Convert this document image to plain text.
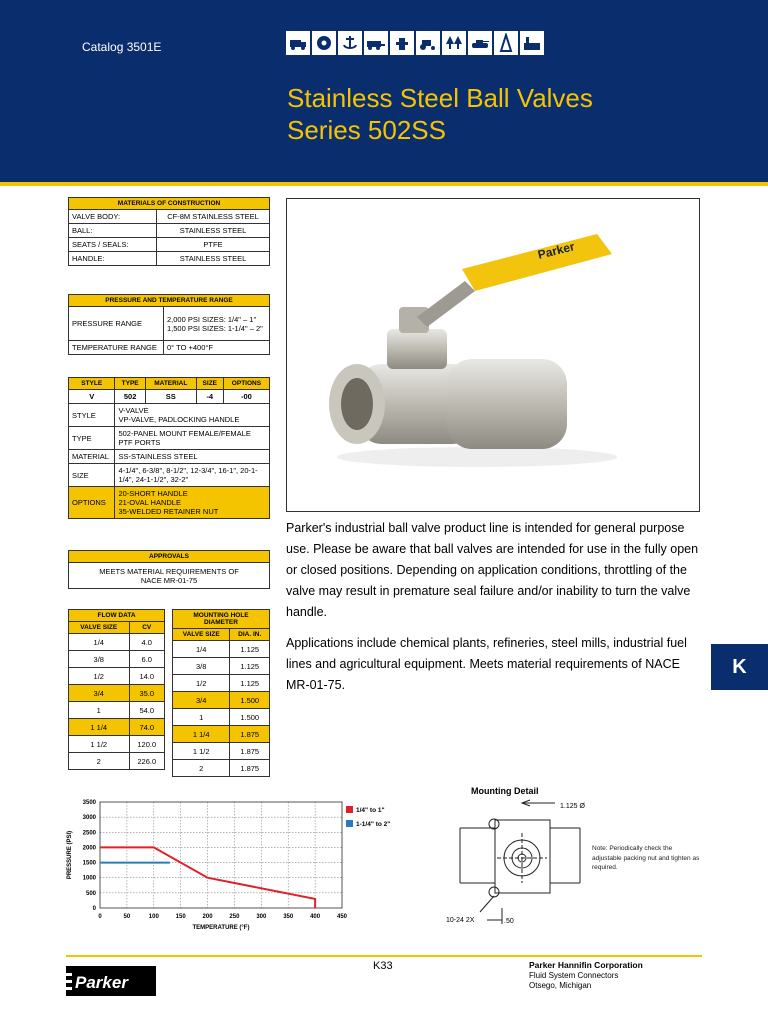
Catalog 3501E
Stainless Steel Ball Valves
Series 502SS
MATERIALS OF CONSTRUCTION	
VALVE BODY:	CF-8M STAINLESS STEEL
BALL:	STAINLESS STEEL
SEATS / SEALS:	PTFE
HANDLE:	STAINLESS STEEL
PRESSURE AND TEMPERATURE RANGE	
PRESSURE RANGE	2,000 PSI SIZES: 1/4" – 1"
1,500 PSI SIZES: 1-1/4" – 2"

TEMPERATURE RANGE	0° TO +400°F
STYLE	TYPE	MATERIAL	SIZE	OPTIONS
V	502	SS	-4	-00
STYLE	V-VALVE
VP-VALVE, PADLOCKING HANDLE			

TYPE	502-PANEL MOUNT FEMALE/FEMALE
PTF PORTS			

MATERIAL	SS-STAINLESS STEEL			
SIZE	4-1/4", 6-3/8", 8-1/2", 12-3/4", 16-1", 20-1-
1/4", 24-1-1/2", 32-2"			

OPTIONS	20-SHORT HANDLE
21-OVAL HANDLE
35-WELDED RETAINER NUT			
APPROVALS

MEETS MATERIAL REQUIREMENTS OF
NACE MR-01-75
FLOW DATA	
VALVE SIZE	CV
1/4	4.0
3/8	6.0
1/2	14.0
3/4	35.0
1	54.0
1 1/4	74.0
1 1/2	120.0
2	226.0
MOUNTING HOLE DIAMETER	
VALVE SIZE	DIA. IN.
1/4	1.125
3/8	1.125
1/2	1.125
3/4	1.500
1	1.500
1 1/4	1.875
1 1/2	1.875
2	1.875
Parker

Parker's industrial ball valve product line is intended for general purpose use. Please be aware that ball valves are intended for use in the fully open or closed positions. Depending on application conditions, throttling of the valve may result in premature seal failure and/or inability to turn the valve handle.

Applications include chemical plants, refineries, steel mills, industrial fuel lines and agricultural equipment. Meets material requirements of NACE MR-01-75.

K
0	50	100	150	200	250	300	350	400	450
0
500
1000
1500
2000
2500
3000
3500
TEMPERATURE (°F)
PRESSURE (PSI)
1/4" to 1"
1-1/4" to 2"
Mounting Detail
1.125 Ø
10-24 2X	.50
Note: Periodically check the adjustable packing nut and tighten as required.
Parker
K33	Parker Hannifin Corporation
Fluid System Connectors
Otsego, Michigan
